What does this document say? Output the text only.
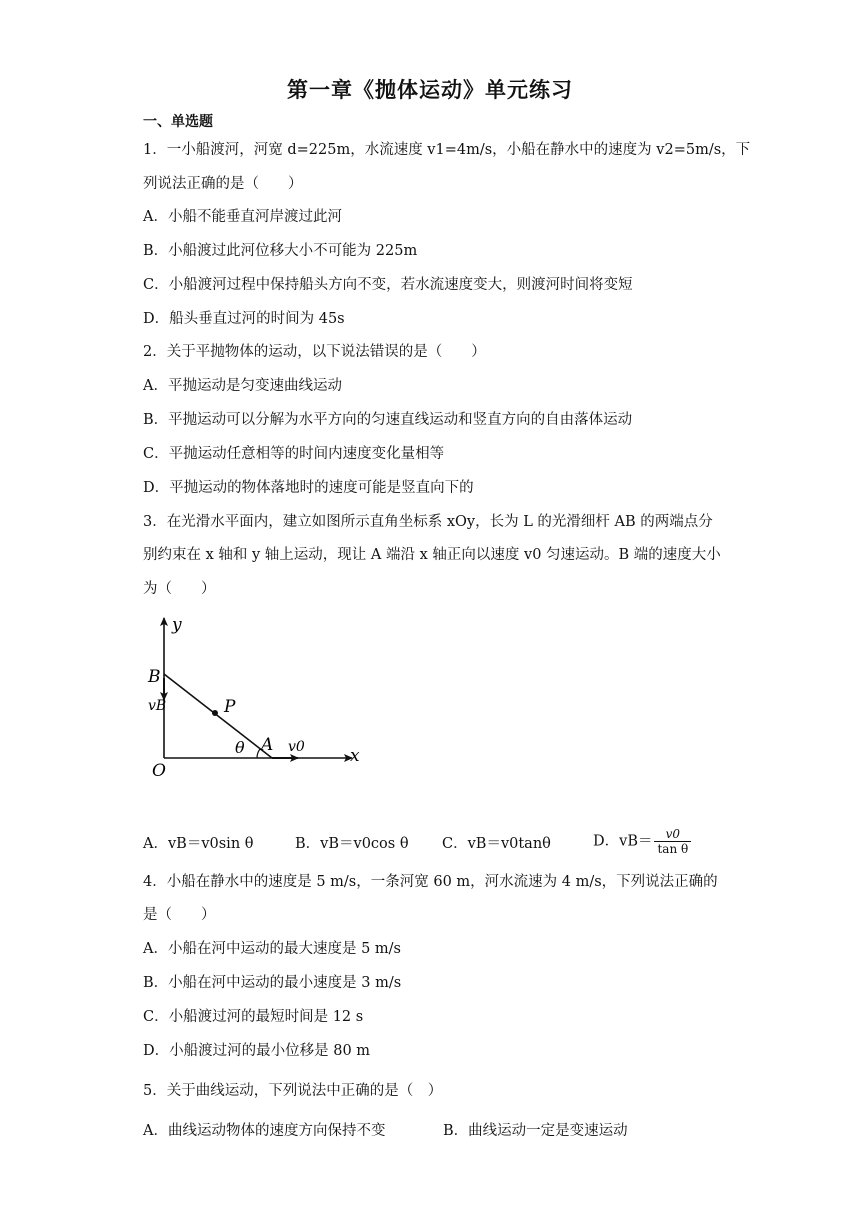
第一章《抛体运动》单元练习
一、单选题
1．一小船渡河，河宽 d=225m，水流速度 v1=4m/s，小船在静水中的速度为 v2=5m/s，下
列说法正确的是（　　）
A．小船不能垂直河岸渡过此河
B．小船渡过此河位移大小不可能为 225m
C．小船渡河过程中保持船头方向不变，若水流速度变大，则渡河时间将变短
D．船头垂直过河的时间为 45s
2．关于平抛物体的运动，以下说法错误的是（　　）
A．平抛运动是匀变速曲线运动
B．平抛运动可以分解为水平方向的匀速直线运动和竖直方向的自由落体运动
C．平抛运动任意相等的时间内速度变化量相等
D．平抛运动的物体落地时的速度可能是竖直向下的
3．在光滑水平面内，建立如图所示直角坐标系 xOy，长为 L 的光滑细杆 AB 的两端点分
别约束在 x 轴和 y 轴上运动，现让 A 端沿 x 轴正向以速度 v0 匀速运动。B 端的速度大小
为（　　）
y
B
vB	P
θ A v0	x
O
A．vB＝v0sin θ	B．vB＝v0cos θ C．vB＝v0tanθ	D．$vB= \frac{v0}{\text{tan θ}}$
4．小船在静水中的速度是 5 m/s，一条河宽 60 m，河水流速为 4 m/s，下列说法正确的
是（　　）
A．小船在河中运动的最大速度是 5 m/s
B．小船在河中运动的最小速度是 3 m/s
C．小船渡过河的最短时间是 12 s
D．小船渡过河的最小位移是 80 m
5．关于曲线运动，下列说法中正确的是（　）
A．曲线运动物体的速度方向保持不变	B．曲线运动一定是变速运动
